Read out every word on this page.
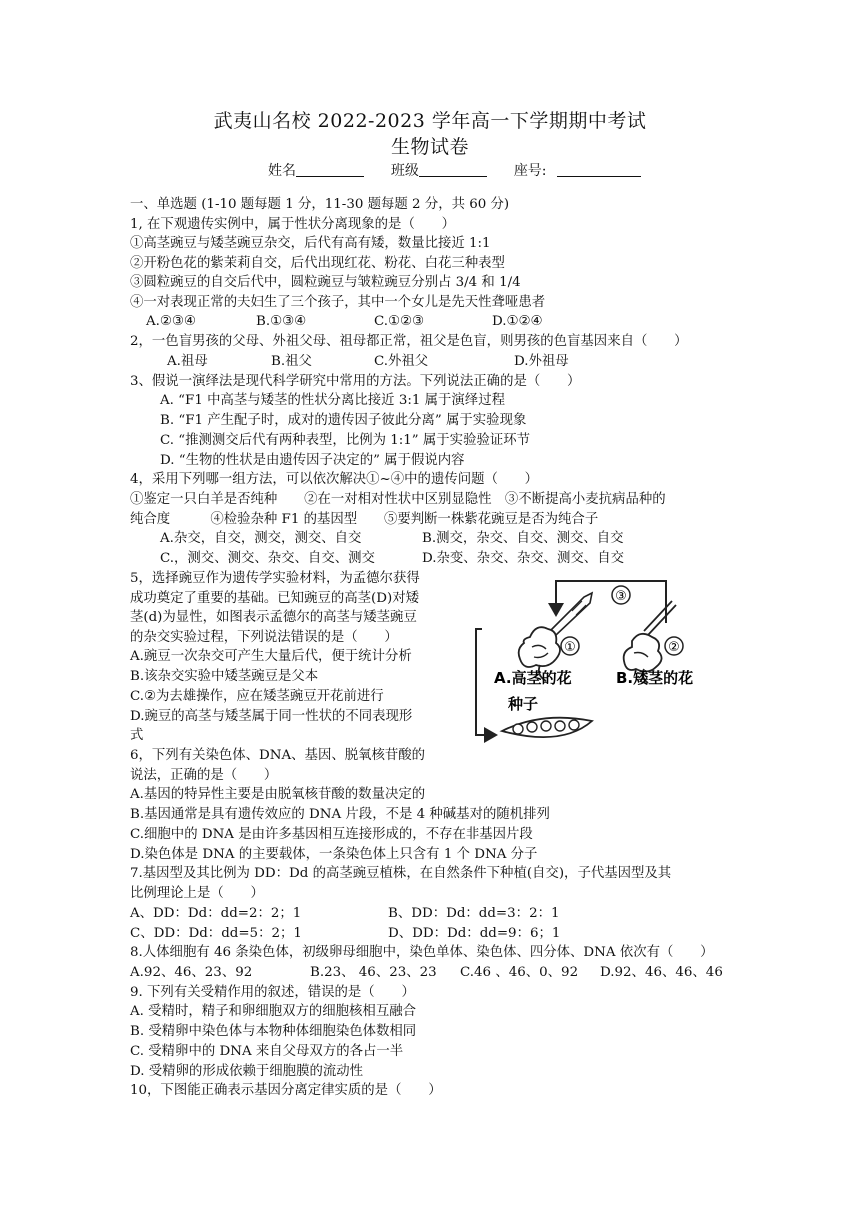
武夷山名校 2022-2023 学年高一下学期期中考试
生物试卷
姓名	班级	座号:
一、单选题 (1-10 题每题 1 分，11-30 题每题 2 分，共 60 分)
1, 在下观遗传实例中，属于性状分离现象的是（　　）
①高茎豌豆与矮茎豌豆杂交，后代有高有矮，数量比接近 1:1
②开粉色花的紫茉莉自交，后代出现红花、粉花、白花三种表型
③圆粒豌豆的自交后代中，圆粒豌豆与皱粒豌豆分别占 3/4 和 1/4
④一对表现正常的夫妇生了三个孩子，其中一个女儿是先天性聋哑患者
A.②③④	B.①③④	C.①②③	D.①②④
2，一色盲男孩的父母、外祖父母、祖母都正常，祖父是色盲，则男孩的色盲基因来自（　　）
A.祖母	B.祖父	C.外祖父	D.外祖母
3、假说一演绎法是现代科学研究中常用的方法。下列说法正确的是（　　）
A. “F1 中高茎与矮茎的性状分离比接近 3:1 属于演绎过程
B. “F1 产生配子时，成对的遗传因子彼此分离” 属于实验现象
C. “推测测交后代有两种表型，比例为 1:1” 属于实验验证环节
D. “生物的性状是由遗传因子决定的” 属于假说内容
4，采用下列哪一组方法，可以依次解决①~④中的遗传问题（　　）
①鉴定一只白羊是否纯种　　②在一对相对性状中区别显隐性　③不断提高小麦抗病品种的
纯合度　　　④检验杂种 F1 的基因型　　⑤要判断一株紫花豌豆是否为纯合子
A.杂交，自交，测交，测交、自交	B.测交，杂交、自交、测交、自交
C.，测交、测交、杂交、自交、测交	D.杂变、杂交、杂交、测交、自交
5，选择豌豆作为遗传学实验材料，为孟德尔获得
成功奠定了重要的基础。已知豌豆的高茎(D)对矮
茎(d)为显性，如图表示孟德尔的高茎与矮茎豌豆
的杂交实验过程，下列说法错误的是（　　）
A.豌豆一次杂交可产生大量后代，便于统计分析
B.该杂交实验中矮茎豌豆是父本
C.②为去雄操作，应在矮茎豌豆开花前进行
D.豌豆的高茎与矮茎属于同一性状的不同表现形
式
③
①	②
A.高茎的花	B.矮茎的花
种子
6，下列有关染色体、DNA、基因、脱氧核苷酸的
说法，正确的是（　　）
A.基因的特异性主要是由脱氧核苷酸的数量决定的
B.基因通常是具有遗传效应的 DNA 片段，不是 4 种碱基对的随机排列
C.细胞中的 DNA 是由许多基因相互连接形成的，不存在非基因片段
D.染色体是 DNA 的主要载体，一条染色体上只含有 1 个 DNA 分子
7.基因型及其比例为 DD：Dd 的高茎豌豆植株，在自然条件下种植(自交)，子代基因型及其
比例理论上是（　　）
A、DD：Dd：dd=2：2；1	B、DD：Dd：dd=3：2：1
C、DD：Dd：dd=5：2；1	D、DD：Dd：dd=9：6；1
8.人体细胞有 46 条染色体，初级卵母细胞中，染色单体、染色体、四分体、DNA 依次有（　　）
A.92、46、23、92	B.23、 46、23、23 C.46 、46、0、92 D.92、46、46、46
9. 下列有关受精作用的叙述，错误的是（　　）
A. 受精时，精子和卵细胞双方的细胞核相互融合
B. 受精卵中染色体与本物种体细胞染色体数相同
C. 受精卵中的 DNA 来自父母双方的各占一半
D. 受精卵的形成依赖于细胞膜的流动性
10，下图能正确表示基因分离定律实质的是（　　）
